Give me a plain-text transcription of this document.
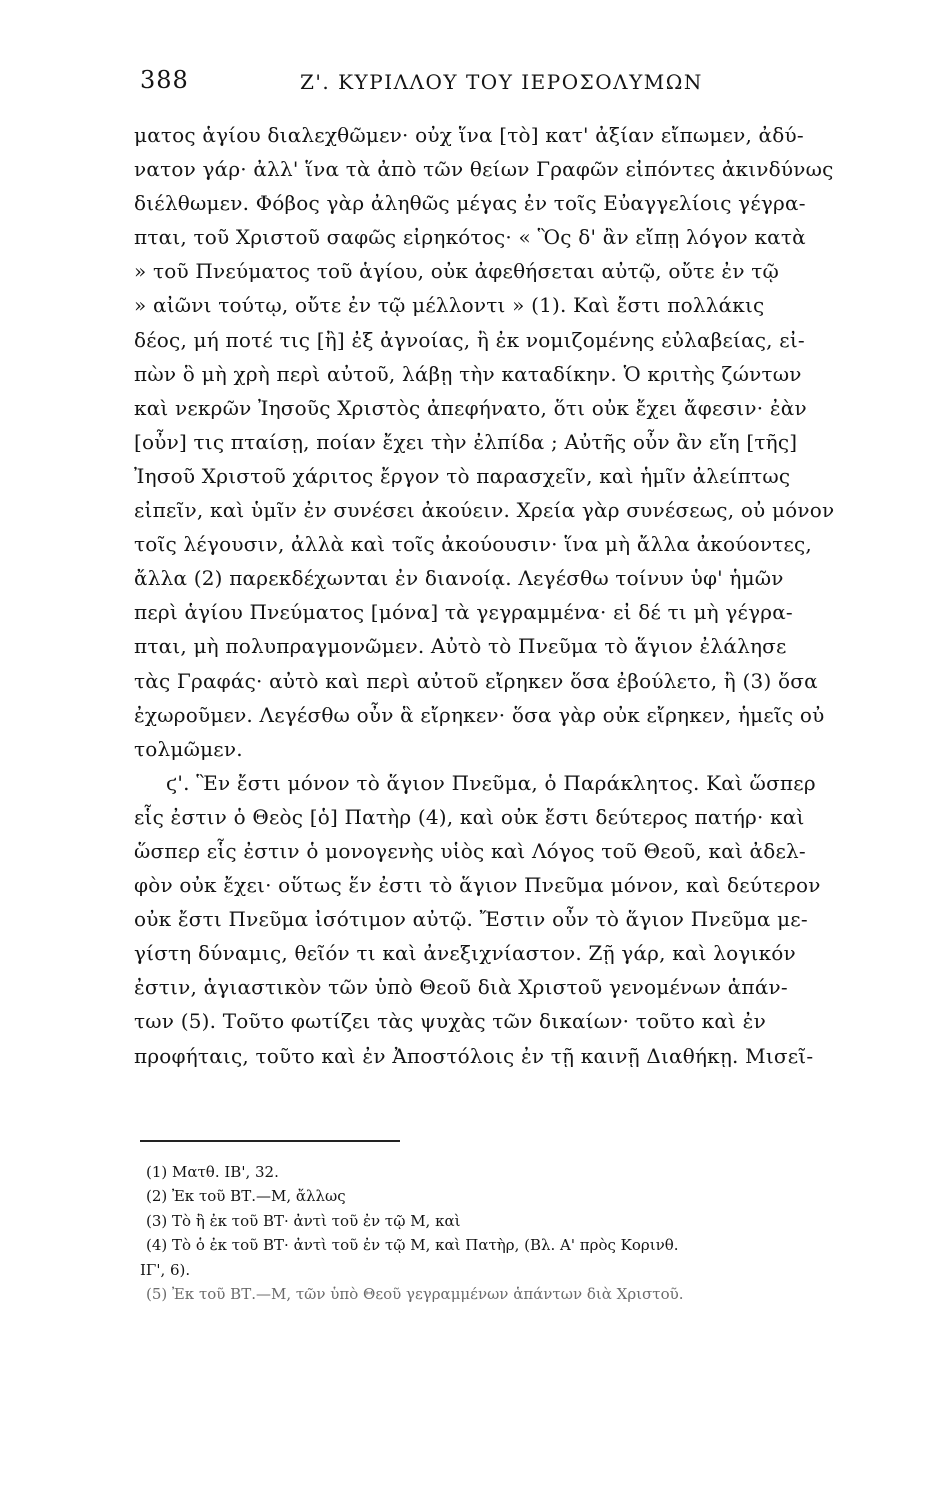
388	Ζ'. ΚΥΡΙΛΛΟΥ ΤΟΥ ΙΕΡΟΣΟΛΥΜΩΝ
ματος ἁγίου διαλεχθῶμεν· οὐχ ἵνα [τὸ] κατ' ἀξίαν εἴπωμεν, ἀδύ-
νατον γάρ· ἀλλ' ἵνα τὰ ἀπὸ τῶν θείων Γραφῶν εἰπόντες ἀκινδύνως
διέλθωμεν. Φόβος γὰρ ἀληθῶς μέγας ἐν τοῖς Εὐαγγελίοις γέγρα-
πται, τοῦ Χριστοῦ σαφῶς εἰρηκότος· « Ὃς δ' ἂν εἴπῃ λόγον κατὰ
» τοῦ Πνεύματος τοῦ ἁγίου, οὐκ ἀφεθήσεται αὐτῷ, οὔτε ἐν τῷ
» αἰῶνι τούτῳ, οὔτε ἐν τῷ μέλλοντι » (1). Καὶ ἔστι πολλάκις
δέος, μή ποτέ τις [ἢ] ἐξ ἀγνοίας, ἢ ἐκ νομιζομένης εὐλαβείας, εἰ-
πὼν ὃ μὴ χρὴ περὶ αὐτοῦ, λάβῃ τὴν καταδίκην. Ὁ κριτὴς ζώντων
καὶ νεκρῶν Ἰησοῦς Χριστὸς ἀπεφήνατο, ὅτι οὐκ ἔχει ἄφεσιν· ἐὰν
[οὖν] τις πταίσῃ, ποίαν ἔχει τὴν ἐλπίδα ; Αὐτῆς οὖν ἂν εἴη [τῆς]
Ἰησοῦ Χριστοῦ χάριτος ἔργον τὸ παρασχεῖν, καὶ ἡμῖν ἀλείπτως
εἰπεῖν, καὶ ὑμῖν ἐν συνέσει ἀκούειν. Χρεία γὰρ συνέσεως, οὐ μόνον
τοῖς λέγουσιν, ἀλλὰ καὶ τοῖς ἀκούουσιν· ἵνα μὴ ἄλλα ἀκούοντες,
ἄλλα (2) παρεκδέχωνται ἐν διανοίᾳ. Λεγέσθω τοίνυν ὑφ' ἡμῶν
περὶ ἁγίου Πνεύματος [μόνα] τὰ γεγραμμένα· εἰ δέ τι μὴ γέγρα-
πται, μὴ πολυπραγμονῶμεν. Αὐτὸ τὸ Πνεῦμα τὸ ἅγιον ἐλάλησε
τὰς Γραφάς· αὐτὸ καὶ περὶ αὐτοῦ εἴρηκεν ὅσα ἐβούλετο, ἢ (3) ὅσα
ἐχωροῦμεν. Λεγέσθω οὖν ἃ εἴρηκεν· ὅσα γὰρ οὐκ εἴρηκεν, ἡμεῖς οὐ
τολμῶμεν.
ϛ'. Ἓν ἔστι μόνον τὸ ἅγιον Πνεῦμα, ὁ Παράκλητος. Καὶ ὥσπερ
εἷς ἐστιν ὁ Θεὸς [ὁ] Πατὴρ (4), καὶ οὐκ ἔστι δεύτερος πατήρ· καὶ
ὥσπερ εἷς ἐστιν ὁ μονογενὴς υἱὸς καὶ Λόγος τοῦ Θεοῦ, καὶ ἀδελ-
φὸν οὐκ ἔχει· οὕτως ἕν ἐστι τὸ ἅγιον Πνεῦμα μόνον, καὶ δεύτερον
οὐκ ἔστι Πνεῦμα ἰσότιμον αὐτῷ. Ἔστιν οὖν τὸ ἅγιον Πνεῦμα με-
γίστη δύναμις, θεῖόν τι καὶ ἀνεξιχνίαστον. Ζῇ γάρ, καὶ λογικόν
ἐστιν, ἁγιαστικὸν τῶν ὑπὸ Θεοῦ διὰ Χριστοῦ γενομένων ἁπάν-
των (5). Τοῦτο φωτίζει τὰς ψυχὰς τῶν δικαίων· τοῦτο καὶ ἐν
προφήταις, τοῦτο καὶ ἐν Ἀποστόλοις ἐν τῇ καινῇ Διαθήκῃ. Μισεῖ-
(1) Ματθ. ΙΒ', 32.
(2) Ἐκ τοῦ ΒΤ.—Μ, ἄλλως
(3) Τὸ ἢ ἐκ τοῦ ΒΤ· ἀντὶ τοῦ ἐν τῷ Μ, καὶ
(4) Τὸ ὁ ἐκ τοῦ ΒΤ· ἀντὶ τοῦ ἐν τῷ Μ, καὶ Πατὴρ, (Βλ. Α' πρὸς Κορινθ.
ΙΓ', 6).
(5) Ἐκ τοῦ ΒΤ.—Μ, τῶν ὑπὸ Θεοῦ γεγραμμένων ἁπάντων διὰ Χριστοῦ.
